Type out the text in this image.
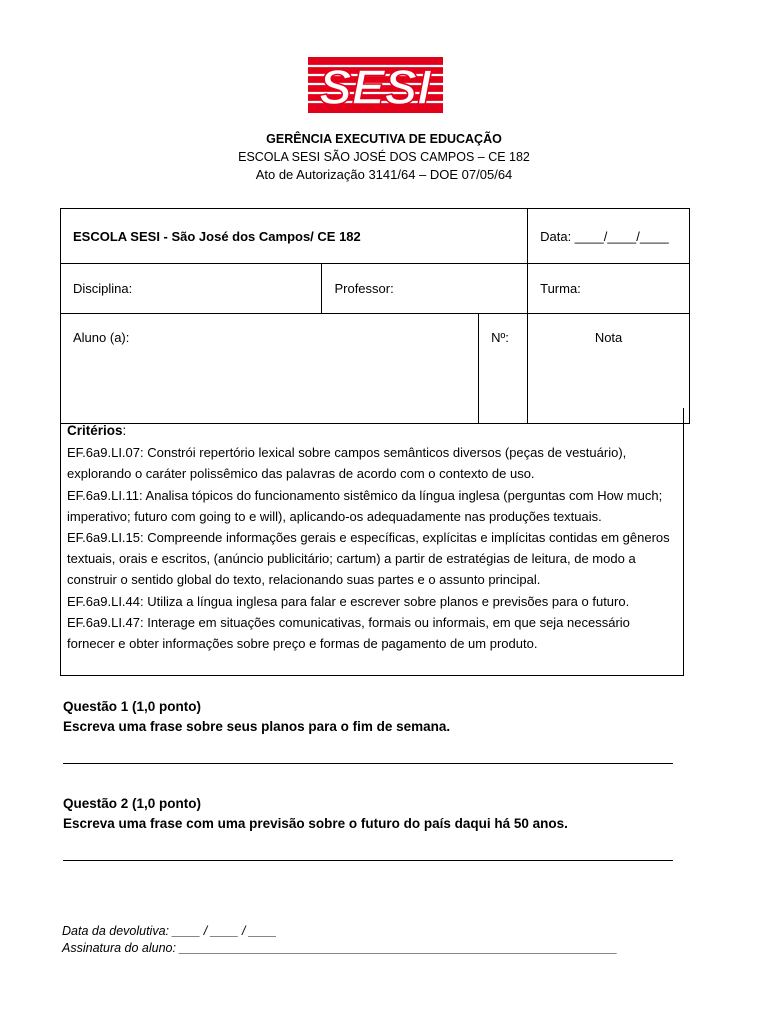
SESI
GERÊNCIA EXECUTIVA DE EDUCAÇÃO
ESCOLA SESI SÃO JOSÉ DOS CAMPOS – CE 182
Ato de Autorização 3141/64 – DOE 07/05/64
ESCOLA SESI - São José dos Campos/ CE 182			Data: ____/____/____
Disciplina:	Professor:		Turma:
Aluno (a):		Nº:	Nota
Critérios:

EF.6a9.LI.07: Constrói repertório lexical sobre campos semânticos diversos (peças de vestuário), explorando o caráter polissêmico das palavras de acordo com o contexto de uso.

EF.6a9.LI.11: Analisa tópicos do funcionamento sistêmico da língua inglesa (perguntas com How much; imperativo; futuro com going to e will), aplicando-os adequadamente nas produções textuais.

EF.6a9.LI.15: Compreende informações gerais e específicas, explícitas e implícitas contidas em gêneros textuais, orais e escritos, (anúncio publicitário; cartum) a partir de estratégias de leitura, de modo a construir o sentido global do texto, relacionando suas partes e o assunto principal.

EF.6a9.LI.44: Utiliza a língua inglesa para falar e escrever sobre planos e previsões para o futuro.

EF.6a9.LI.47: Interage em situações comunicativas, formais ou informais, em que seja necessário fornecer e obter informações sobre preço e formas de pagamento de um produto.

Questão 1 (1,0 ponto)
Escreva uma frase sobre seus planos para o fim de semana.
Questão 2 (1,0 ponto)
Escreva uma frase com uma previsão sobre o futuro do país daqui há 50 anos.
Data da devolutiva: ____ / ____ / ____
Assinatura do aluno: _______________________________________________________________
